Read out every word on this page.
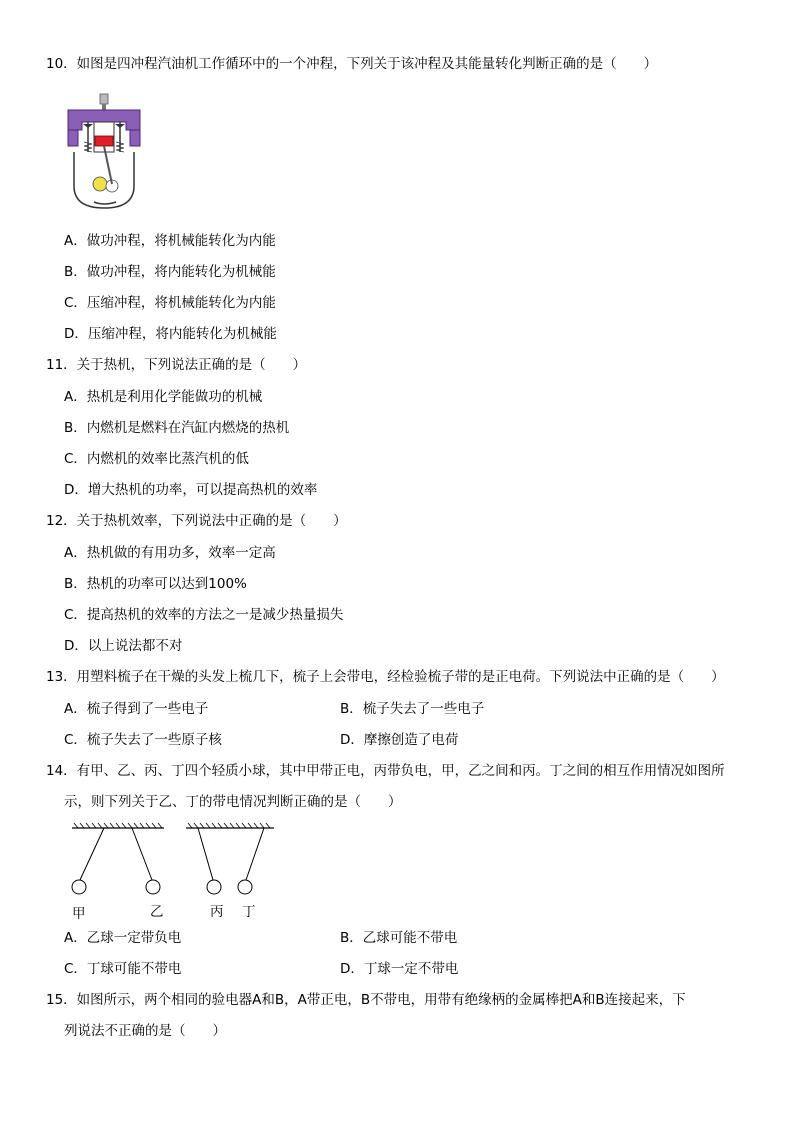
10．如图是四冲程汽油机工作循环中的一个冲程，下列关于该冲程及其能量转化判断正确的是（　　）
A．做功冲程，将机械能转化为内能
B．做功冲程，将内能转化为机械能
C．压缩冲程，将机械能转化为内能
D．压缩冲程，将内能转化为机械能
11．关于热机，下列说法正确的是（　　）
A．热机是利用化学能做功的机械
B．内燃机是燃料在汽缸内燃烧的热机
C．内燃机的效率比蒸汽机的低
D．增大热机的功率，可以提高热机的效率
12．关于热机效率，下列说法中正确的是（　　）
A．热机做的有用功多，效率一定高
B．热机的功率可以达到100%
C．提高热机的效率的方法之一是减少热量损失
D．以上说法都不对
13．用塑料梳子在干燥的头发上梳几下，梳子上会带电，经检验梳子带的是正电荷。下列说法中正确的是（　　）
A．梳子得到了一些电子	B．梳子失去了一些电子
C．梳子失去了一些原子核	D．摩擦创造了电荷
14．有甲、乙、丙、丁四个轻质小球，其中甲带正电，丙带负电，甲，乙之间和丙。丁之间的相互作用情况如图所
示，则下列关于乙、丁的带电情况判断正确的是（　　）
甲	乙	丙 丁
A．乙球一定带负电	B．乙球可能不带电
C．丁球可能不带电	D．丁球一定不带电
15．如图所示，两个相同的验电器A和B，A带正电，B不带电，用带有绝缘柄的金属棒把A和B连接起来，下
列说法不正确的是（　　）
